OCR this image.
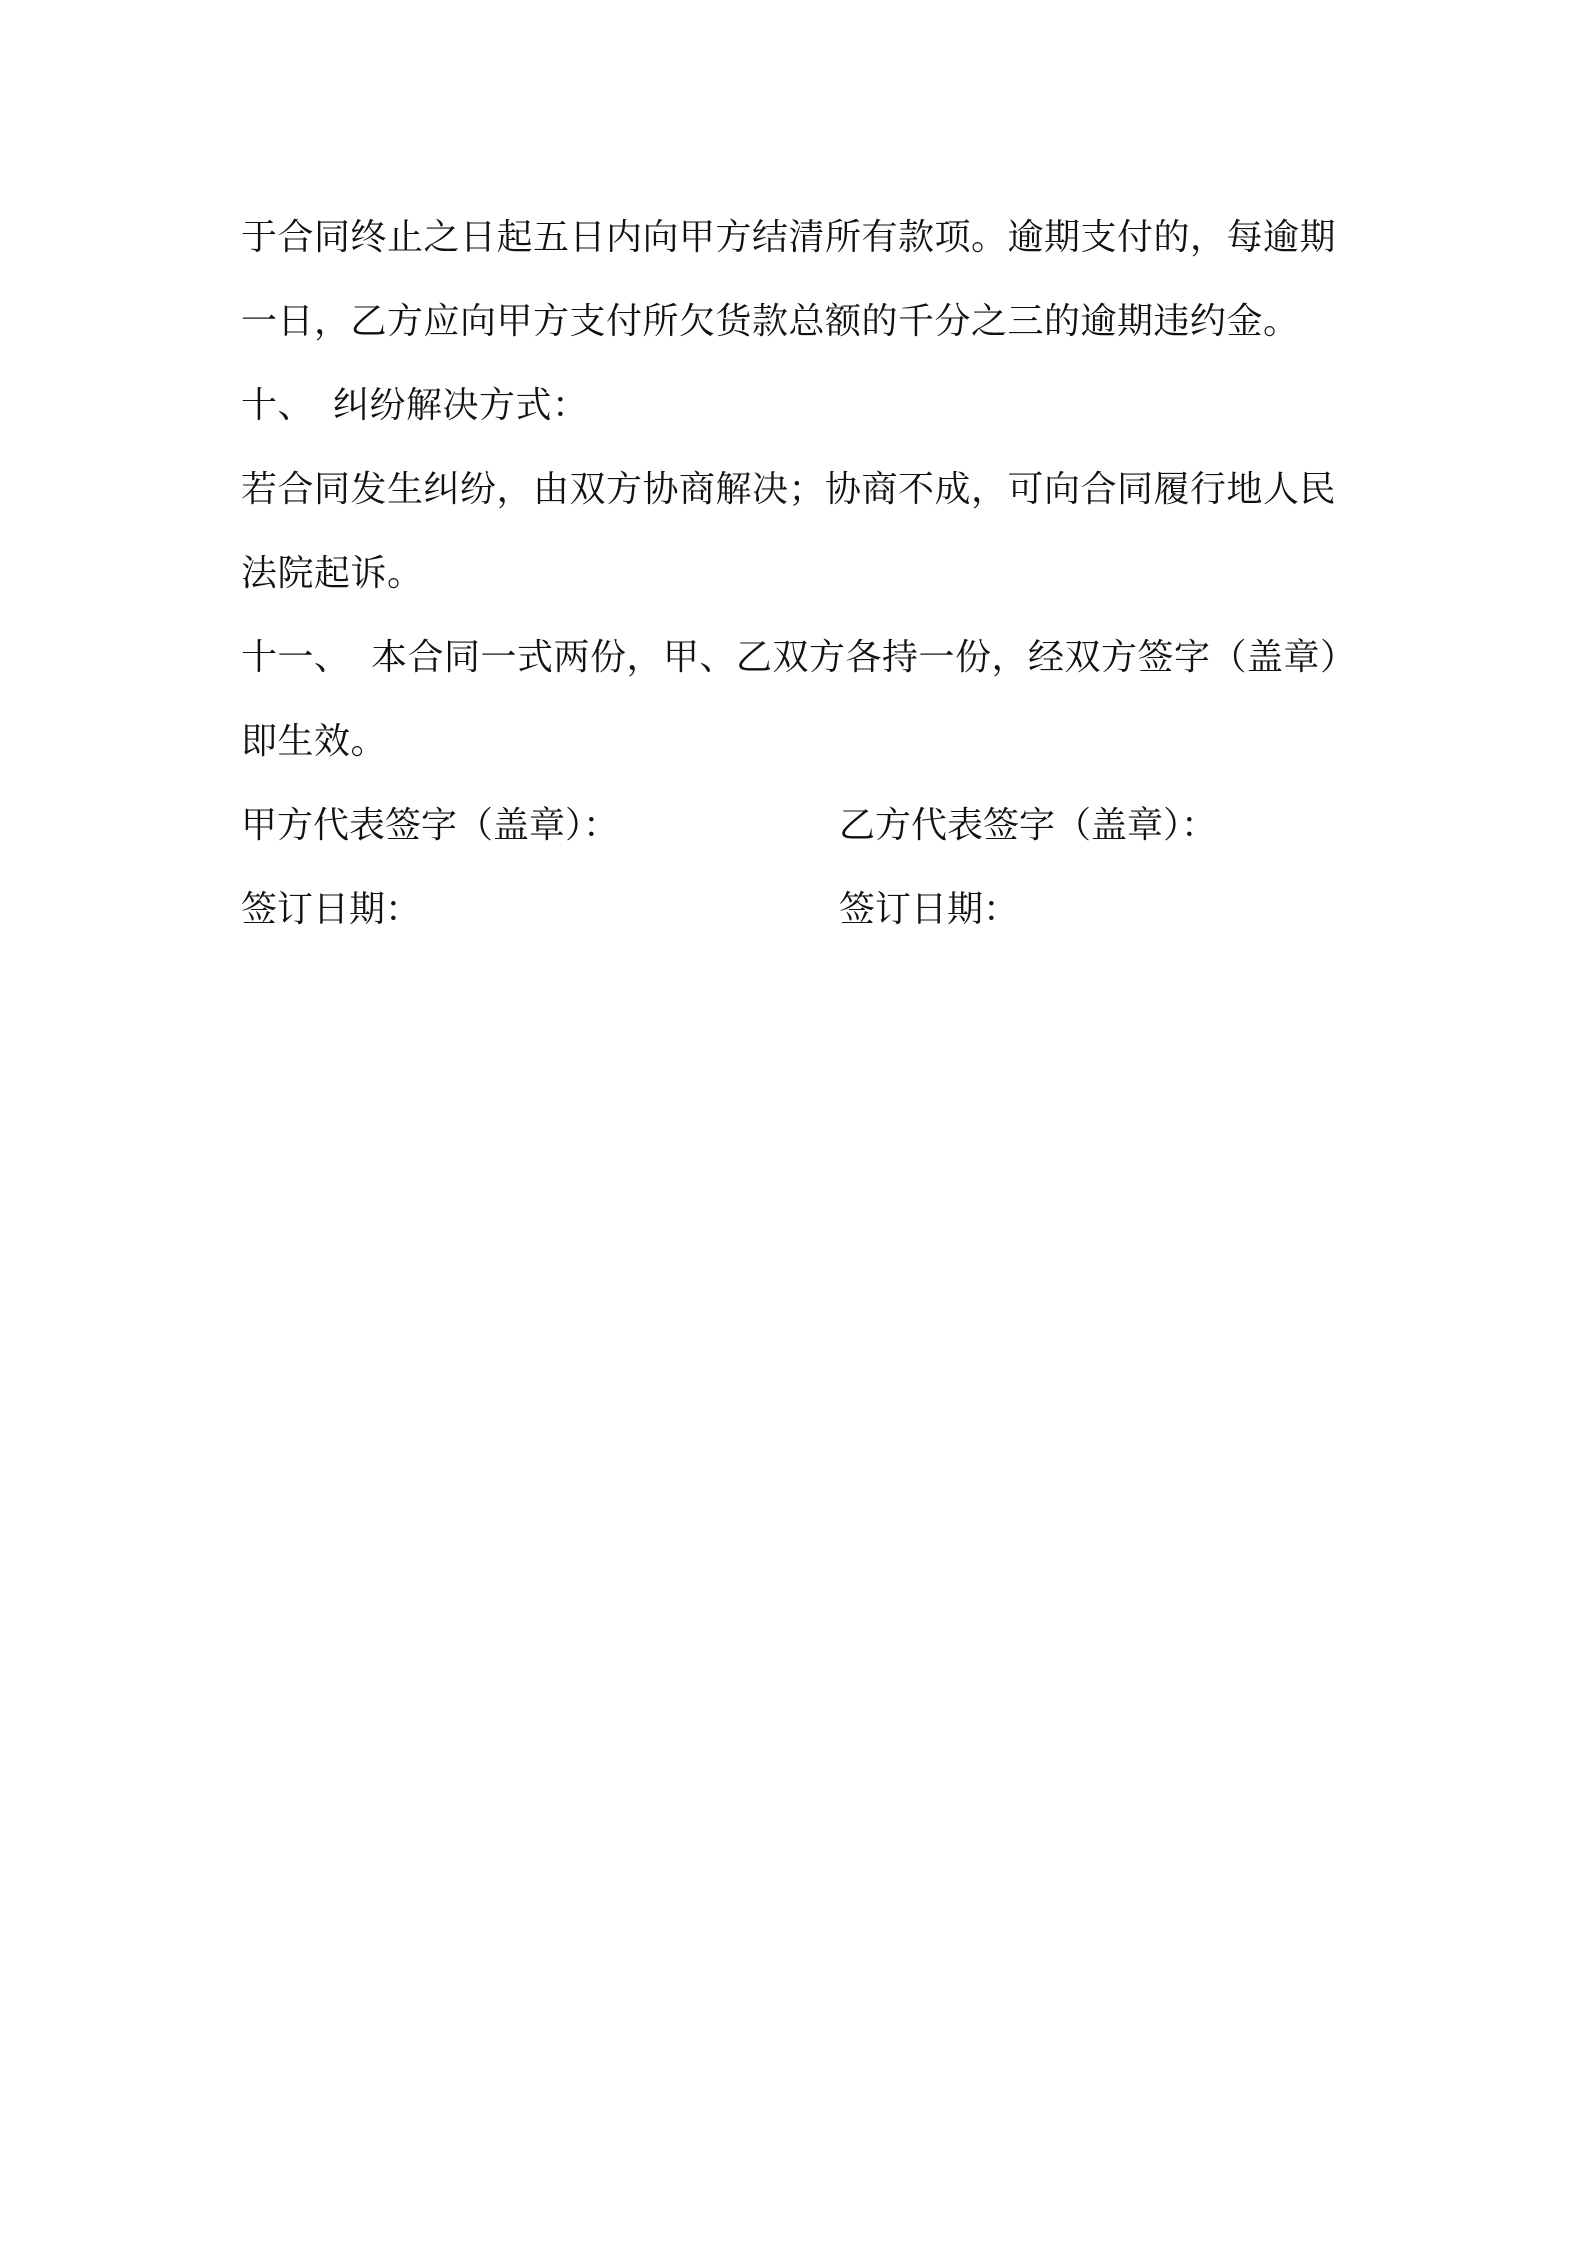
于合同终止之日起五日内向甲方结清所有款项。逾期支付的，每逾期
一日，乙方应向甲方支付所欠货款总额的千分之三的逾期违约金。
十、 纠纷解决方式：
若合同发生纠纷，由双方协商解决；协商不成，可向合同履行地人民
法院起诉。
十一、 本合同一式两份，甲、乙双方各持一份，经双方签字（盖章）
即生效。
甲方代表签字（盖章）：	乙方代表签字（盖章）：
签订日期：	签订日期：
